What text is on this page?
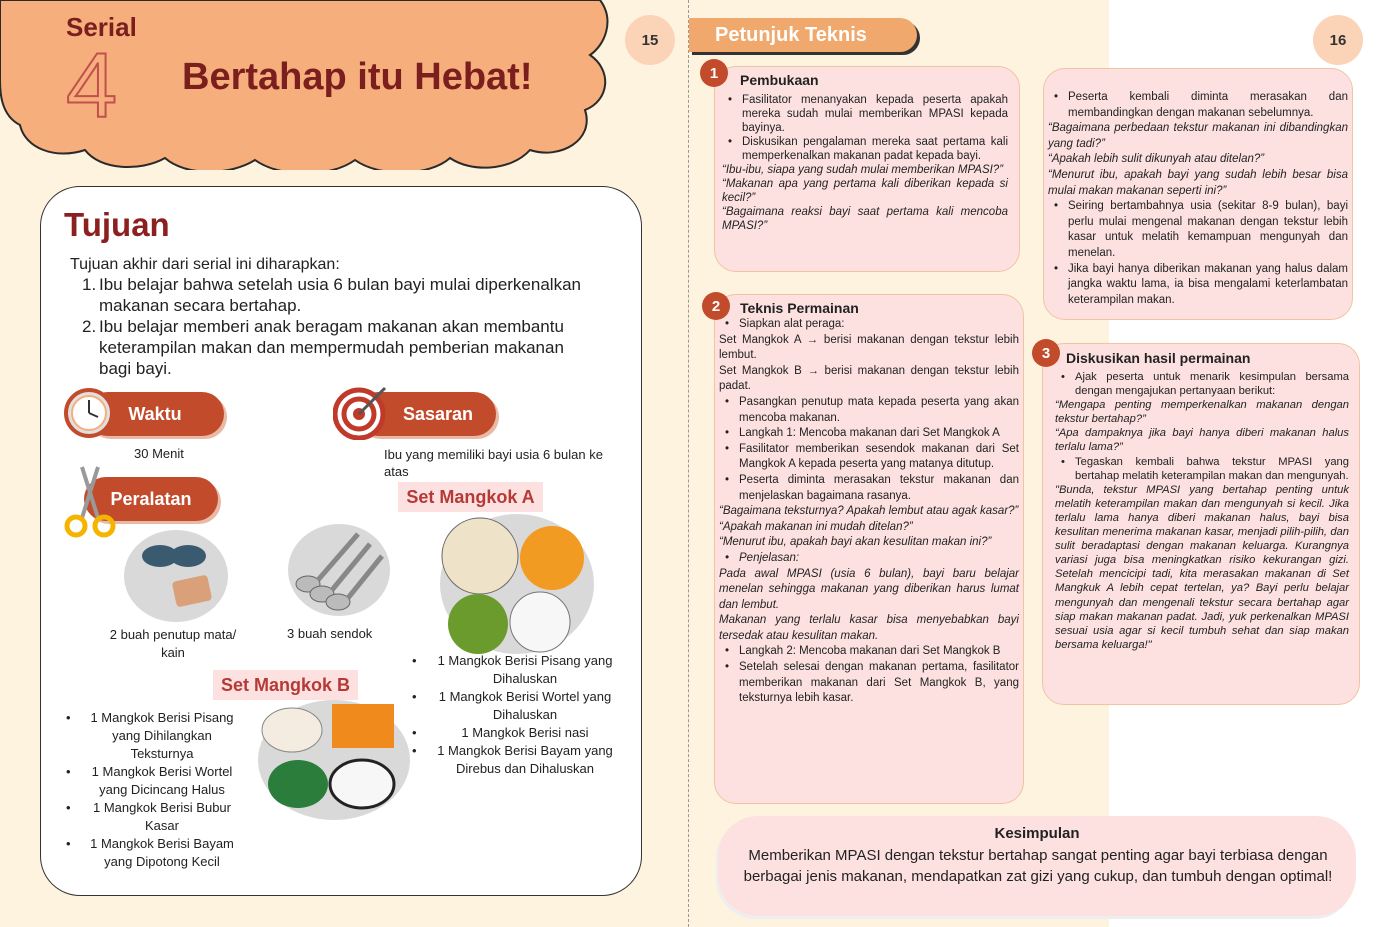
Serial
4 Bertahap itu Hebat!
15
Tujuan
Tujuan akhir dari serial ini diharapkan:
1. Ibu belajar bahwa setelah usia 6 bulan bayi mulai diperkenalkan
makanan secara bertahap.
2. Ibu belajar memberi anak beragam makanan akan membantu
keterampilan makan dan mempermudah pemberian makanan
bagi bayi.
Waktu
30 Menit
Sasaran
Ibu yang memiliki bayi usia 6 bulan ke atas
Peralatan
2 buah penutup mata/ kain
3 buah sendok
Set Mangkok A
• 1 Mangkok Berisi Pisang yang Dihaluskan
• 1 Mangkok Berisi Wortel yang Dihaluskan
• 1 Mangkok Berisi nasi
• 1 Mangkok Berisi Bayam yang Direbus dan Dihaluskan
Set Mangkok B
• 1 Mangkok Berisi Pisang yang Dihilangkan Teksturnya
• 1 Mangkok Berisi Wortel yang Dicincang Halus
• 1 Mangkok Berisi Bubur Kasar
• 1 Mangkok Berisi Bayam yang Dipotong Kecil
Petunjuk Teknis	16
1	Pembukaan
• Fasilitator menanyakan kepada peserta apakah mereka sudah mulai memberikan MPASI kepada bayinya.
• Diskusikan pengalaman mereka saat pertama kali memperkenalkan makanan padat kepada bayi.
“Ibu-ibu, siapa yang sudah mulai memberikan MPASI?”
“Makanan apa yang pertama kali diberikan kepada si kecil?”
“Bagaimana reaksi bayi saat pertama kali mencoba MPASI?”
2	Teknis Permainan
• Siapkan alat peraga:
Set Mangkok A → berisi makanan dengan tekstur lebih lembut.
Set Mangkok B → berisi makanan dengan tekstur lebih padat.
• Pasangkan penutup mata kepada peserta yang akan mencoba makanan.
• Langkah 1: Mencoba makanan dari Set Mangkok A
• Fasilitator memberikan sesendok makanan dari Set Mangkok A kepada peserta yang matanya ditutup.
• Peserta diminta merasakan tekstur makanan dan menjelaskan bagaimana rasanya.
“Bagaimana teksturnya? Apakah lembut atau agak kasar?”
“Apakah makanan ini mudah ditelan?”
“Menurut ibu, apakah bayi akan kesulitan makan ini?”
• Penjelasan:
Pada awal MPASI (usia 6 bulan), bayi baru belajar menelan sehingga makanan yang diberikan harus lumat dan lembut.
Makanan yang terlalu kasar bisa menyebabkan bayi tersedak atau kesulitan makan.
• Langkah 2: Mencoba makanan dari Set Mangkok B
• Setelah selesai dengan makanan pertama, fasilitator memberikan makanan dari Set Mangkok B, yang teksturnya lebih kasar.
• Peserta kembali diminta merasakan dan membandingkan dengan makanan sebelumnya.
“Bagaimana perbedaan tekstur makanan ini dibandingkan yang tadi?”
“Apakah lebih sulit dikunyah atau ditelan?”
“Menurut ibu, apakah bayi yang sudah lebih besar bisa mulai makan makanan seperti ini?”
• Seiring bertambahnya usia (sekitar 8-9 bulan), bayi perlu mulai mengenal makanan dengan tekstur lebih kasar untuk melatih kemampuan mengunyah dan menelan.
• Jika bayi hanya diberikan makanan yang halus dalam jangka waktu lama, ia bisa mengalami keterlambatan keterampilan makan.
3	Diskusikan hasil permainan
• Ajak peserta untuk menarik kesimpulan bersama dengan mengajukan pertanyaan berikut:
“Mengapa penting memperkenalkan makanan dengan tekstur bertahap?”
“Apa dampaknya jika bayi hanya diberi makanan halus terlalu lama?”
• Tegaskan kembali bahwa tekstur MPASI yang bertahap melatih keterampilan makan dan mengunyah.
"Bunda, tekstur MPASI yang bertahap penting untuk melatih keterampilan makan dan mengunyah si kecil. Jika terlalu lama hanya diberi makanan halus, bayi bisa kesulitan menerima makanan kasar, menjadi pilih-pilih, dan sulit beradaptasi dengan makanan keluarga. Kurangnya variasi juga bisa meningkatkan risiko kekurangan gizi. Setelah mencicipi tadi, kita merasakan makanan di Set Mangkuk A lebih cepat tertelan, ya? Bayi perlu belajar mengunyah dan mengenali tekstur secara bertahap agar siap makan makanan padat. Jadi, yuk perkenalkan MPASI sesuai usia agar si kecil tumbuh sehat dan siap makan bersama keluarga!"
Kesimpulan
Memberikan MPASI dengan tekstur bertahap sangat penting agar bayi terbiasa dengan berbagai jenis makanan, mendapatkan zat gizi yang cukup, dan tumbuh dengan optimal!
